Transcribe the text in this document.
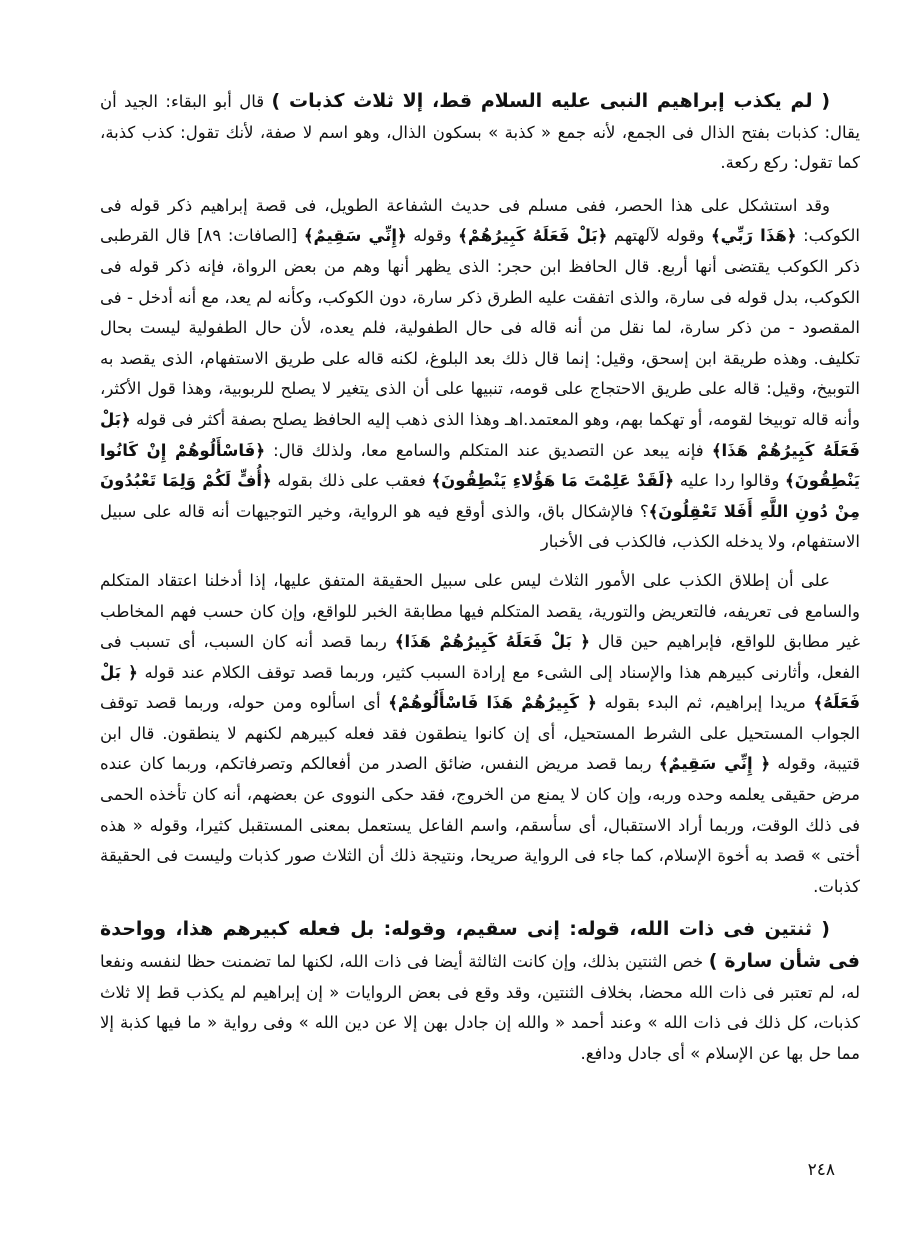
( لم يكذب إبراهيم النبى عليه السلام قط، إلا ثلاث كذبات ) قال أبو البقاء: الجيد أن يقال: كذبات بفتح الذال فى الجمع، لأنه جمع « كذبة » بسكون الذال، وهو اسم لا صفة، لأنك تقول: كذب كذبة، كما تقول: ركع ركعة.

وقد استشكل على هذا الحصر، ففى مسلم فى حديث الشفاعة الطويل، فى قصة إبراهيم ذكر قوله فى الكوكب: ﴿هَذَا رَبِّي﴾ وقوله لآلهتهم ﴿بَلْ فَعَلَهُ كَبِيرُهُمْ﴾ وقوله ﴿إِنِّي سَقِيمٌ﴾ [الصافات: ٨٩] قال القرطبى ذكر الكوكب يقتضى أنها أربع. قال الحافظ ابن حجر: الذى يظهر أنها وهم من بعض الرواة، فإنه ذكر قوله فى الكوكب، بدل قوله فى سارة، والذى اتفقت عليه الطرق ذكر سارة، دون الكوكب، وكأنه لم يعد، مع أنه أدخل - فى المقصود - من ذكر سارة، لما نقل من أنه قاله فى حال الطفولية، فلم يعده، لأن حال الطفولية ليست بحال تكليف. وهذه طريقة ابن إسحق، وقيل: إنما قال ذلك بعد البلوغ، لكنه قاله على طريق الاستفهام، الذى يقصد به التوبيخ، وقيل: قاله على طريق الاحتجاج على قومه، تنبيها على أن الذى يتغير لا يصلح للربوبية، وهذا قول الأكثر، وأنه قاله توبيخا لقومه، أو تهكما بهم، وهو المعتمد.اهـ وهذا الذى ذهب إليه الحافظ يصلح بصفة أكثر فى قوله ﴿بَلْ فَعَلَهُ كَبِيرُهُمْ هَذَا﴾ فإنه يبعد عن التصديق عند المتكلم والسامع معا، ولذلك قال: ﴿فَاسْأَلُوهُمْ إِنْ كَانُوا يَنْطِقُونَ﴾ وقالوا ردا عليه ﴿لَقَدْ عَلِمْتَ مَا هَؤُلاءِ يَنْطِقُونَ﴾ فعقب على ذلك بقوله ﴿أُفٍّ لَكُمْ وَلِمَا تَعْبُدُونَ مِنْ دُونِ اللَّهِ أَفَلا تَعْقِلُونَ﴾؟ فالإشكال باق، والذى أوقع فيه هو الرواية، وخير التوجيهات أنه قاله على سبيل الاستفهام، ولا يدخله الكذب، فالكذب فى الأخبار

على أن إطلاق الكذب على الأمور الثلاث ليس على سبيل الحقيقة المتفق عليها، إذا أدخلنا اعتقاد المتكلم والسامع فى تعريفه، فالتعريض والتورية، يقصد المتكلم فيها مطابقة الخبر للواقع، وإن كان حسب فهم المخاطب غير مطابق للواقع، فإبراهيم حين قال ﴿ بَلْ فَعَلَهُ كَبِيرُهُمْ هَذَا﴾ ربما قصد أنه كان السبب، أى تسبب فى الفعل، وأثارنى كبيرهم هذا والإسناد إلى الشىء مع إرادة السبب كثير، وربما قصد توقف الكلام عند قوله ﴿ بَلْ فَعَلَهُ﴾ مريدا إبراهيم، ثم البدء بقوله ﴿ كَبِيرُهُمْ هَذَا فَاسْأَلُوهُمْ﴾ أى اسألوه ومن حوله، وربما قصد توقف الجواب المستحيل على الشرط المستحيل، أى إن كانوا ينطقون فقد فعله كبيرهم لكنهم لا ينطقون. قال ابن قتيبة، وقوله ﴿ إِنِّي سَقِيمٌ﴾ ربما قصد مريض النفس، ضائق الصدر من أفعالكم وتصرفاتكم، وربما كان عنده مرض حقيقى يعلمه وحده وربه، وإن كان لا يمنع من الخروج، فقد حكى النووى عن بعضهم، أنه كان تأخذه الحمى فى ذلك الوقت، وربما أراد الاستقبال، أى سأسقم، واسم الفاعل يستعمل بمعنى المستقبل كثيرا، وقوله « هذه أختى » قصد به أخوة الإسلام، كما جاء فى الرواية صريحا، ونتيجة ذلك أن الثلاث صور كذبات وليست فى الحقيقة كذبات.

( ثنتين فى ذات الله، قوله: إنى سقيم، وقوله: بل فعله كبيرهم هذا، وواحدة فى شأن سارة ) خص الثنتين بذلك، وإن كانت الثالثة أيضا فى ذات الله، لكنها لما تضمنت حظا لنفسه ونفعا له، لم تعتبر فى ذات الله محضا، بخلاف الثنتين، وقد وقع فى بعض الروايات « إن إبراهيم لم يكذب قط إلا ثلاث كذبات، كل ذلك فى ذات الله » وعند أحمد « والله إن جادل بهن إلا عن دين الله » وفى رواية « ما فيها كذبة إلا مما حل بها عن الإسلام » أى جادل ودافع.

٢٤٨
